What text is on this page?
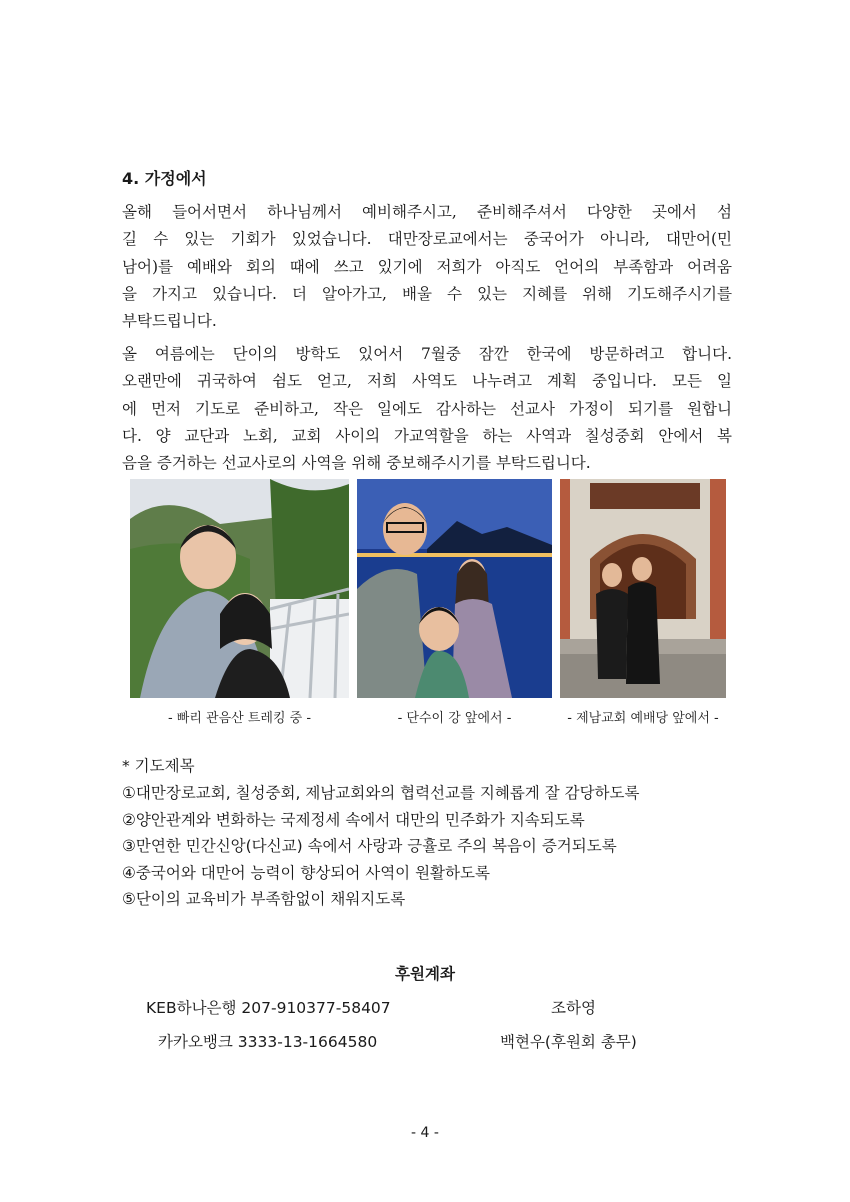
4. 가정에서
올해 들어서면서 하나님께서 예비해주시고, 준비해주셔서 다양한 곳에서 섬
길 수 있는 기회가 있었습니다. 대만장로교에서는 중국어가 아니라, 대만어(민
남어)를 예배와 회의 때에 쓰고 있기에 저희가 아직도 언어의 부족함과 어려움
을 가지고 있습니다. 더 알아가고, 배울 수 있는 지혜를 위해 기도해주시기를
부탁드립니다.
올 여름에는 단이의 방학도 있어서 7월중 잠깐 한국에 방문하려고 합니다.
오랜만에 귀국하여 쉼도 얻고, 저희 사역도 나누려고 계획 중입니다. 모든 일
에 먼저 기도로 준비하고, 작은 일에도 감사하는 선교사 가정이 되기를 원합니
다. 양 교단과 노회, 교회 사이의 가교역할을 하는 사역과 칠성중회 안에서 복
음을 증거하는 선교사로의 사역을 위해 중보해주시기를 부탁드립니다.
- 빠리 관음산 트레킹 중 -	- 단수이 강 앞에서 -	- 제남교회 예배당 앞에서 -
* 기도제목
①대만장로교회, 칠성중회, 제남교회와의 협력선교를 지혜롭게 잘 감당하도록
②양안관계와 변화하는 국제정세 속에서 대만의 민주화가 지속되도록
③만연한 민간신앙(다신교) 속에서 사랑과 긍휼로 주의 복음이 증거되도록
④중국어와 대만어 능력이 향상되어 사역이 원활하도록
⑤단이의 교육비가 부족함없이 채워지도록
후원계좌
KEB하나은행 207-910377-58407	조하영
카카오뱅크 3333-13-1664580	백현우(후원회 총무)
- 4 -
